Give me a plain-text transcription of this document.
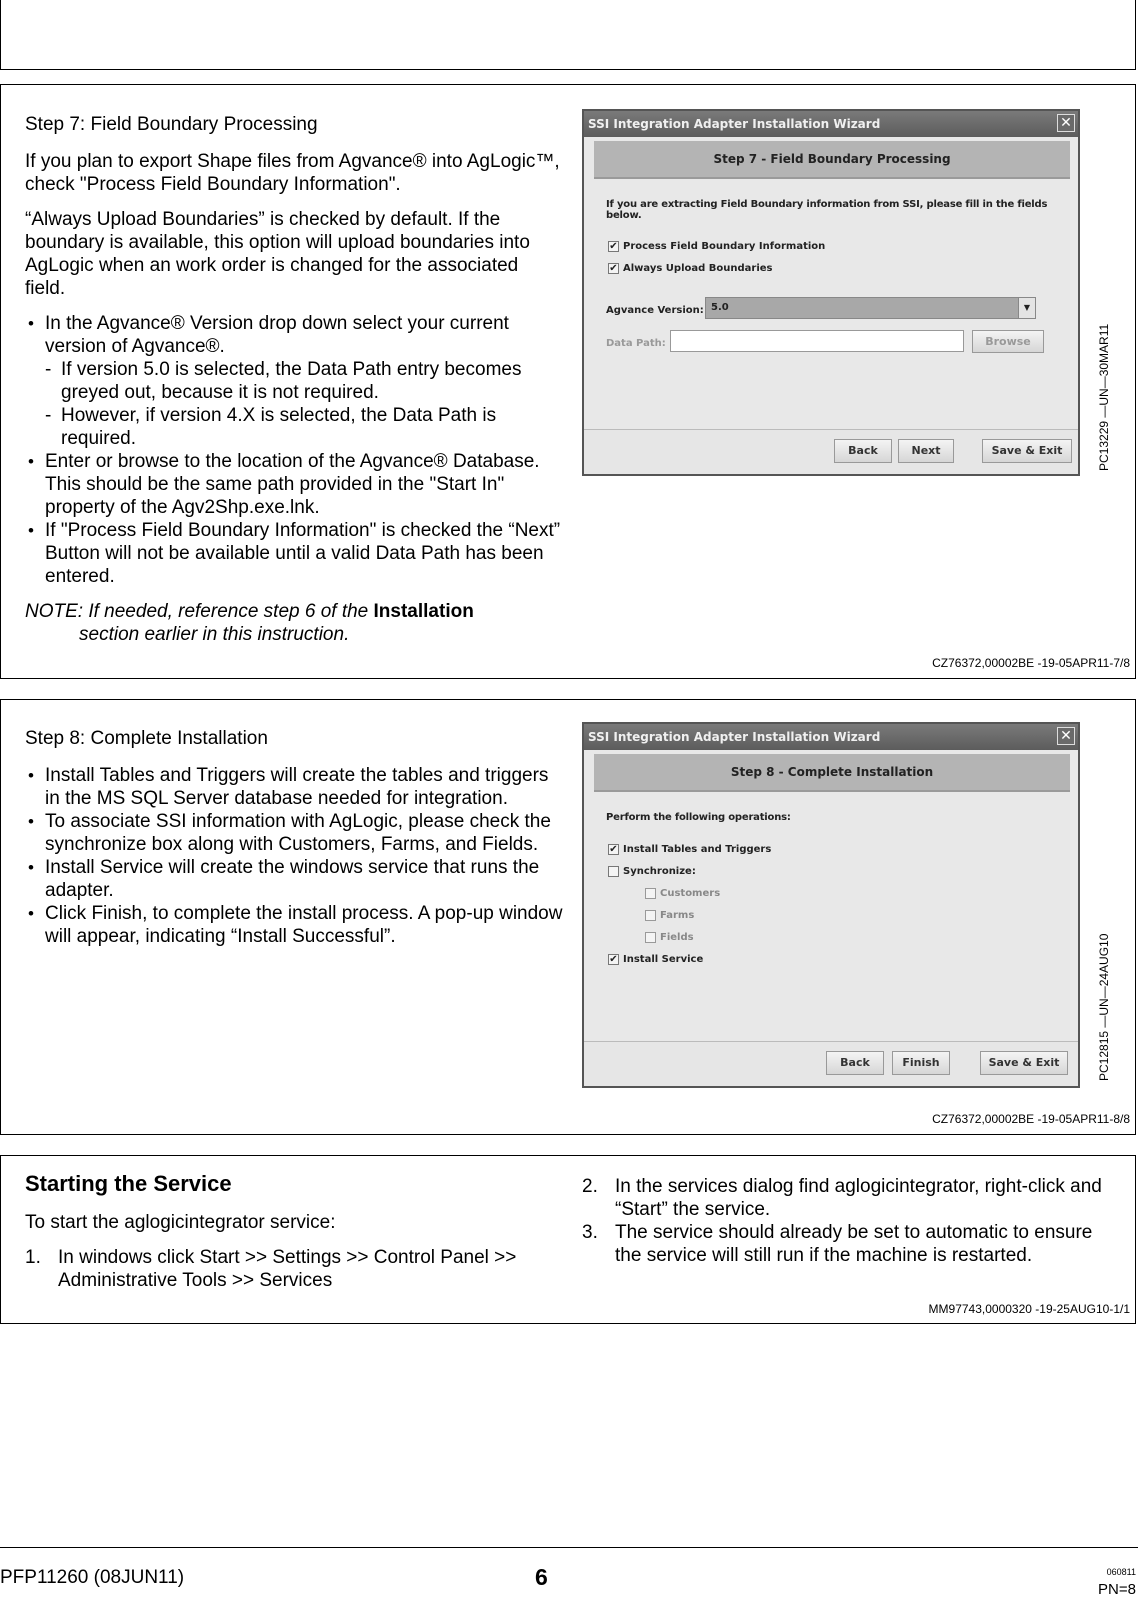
Step 7: Field Boundary Processing

If you plan to export Shape files from Agvance® into AgLogic™, check "Process Field Boundary Information".

“Always Upload Boundaries” is checked by default. If the boundary is available, this option will upload boundaries into AgLogic when an work order is changed for the associated field.

• In the Agvance® Version drop down select your current version of Agvance®.
- If version 5.0 is selected, the Data Path entry becomes greyed out, because it is not required.
- However, if version 4.X is selected, the Data Path is required.
• Enter or browse to the location of the Agvance® Database. This should be the same path provided in the "Start In" property of the Agv2Shp.exe.lnk.
• If "Process Field Boundary Information" is checked the “Next” Button will not be available until a valid Data Path has been entered.
NOTE: If needed, reference step 6 of the Installation
section earlier in this instruction.
SSI Integration Adapter Installation Wizard	✕
Step 7 - Field Boundary Processing
If you are extracting Field Boundary information from SSI, please fill in the fields below.
✔ Process Field Boundary Information
✔ Always Upload Boundaries
Agvance Version: 5.0	▼
Data Path:	Browse
Back	Next	Save & Exit	PC13229 —UN—30MAR11
CZ76372,00002BE -19-05APR11-7/8
Step 8: Complete Installation
• Install Tables and Triggers will create the tables and triggers in the MS SQL Server database needed for integration.
• To associate SSI information with AgLogic, please check the synchronize box along with Customers, Farms, and Fields.
• Install Service will create the windows service that runs the adapter.
• Click Finish, to complete the install process. A pop-up window will appear, indicating “Install Successful”.
SSI Integration Adapter Installation Wizard	✕
Step 8 - Complete Installation
Perform the following operations:
✔ Install Tables and Triggers
Synchronize:
Customers
Farms
Fields
✔ Install Service
Back	Finish	Save & Exit	PC12815 —UN—24AUG10
CZ76372,00002BE -19-05APR11-8/8
Starting the Service

To start the aglogicintegrator service:

1. In windows click Start >> Settings >> Control Panel >> Administrative Tools >> Services
2. In the services dialog find aglogicintegrator, right-click and “Start” the service.
3. The service should already be set to automatic to ensure the service will still run if the machine is restarted.
MM97743,0000320 -19-25AUG10-1/1
PFP11260 (08JUN11)	6	060811
PN=8
